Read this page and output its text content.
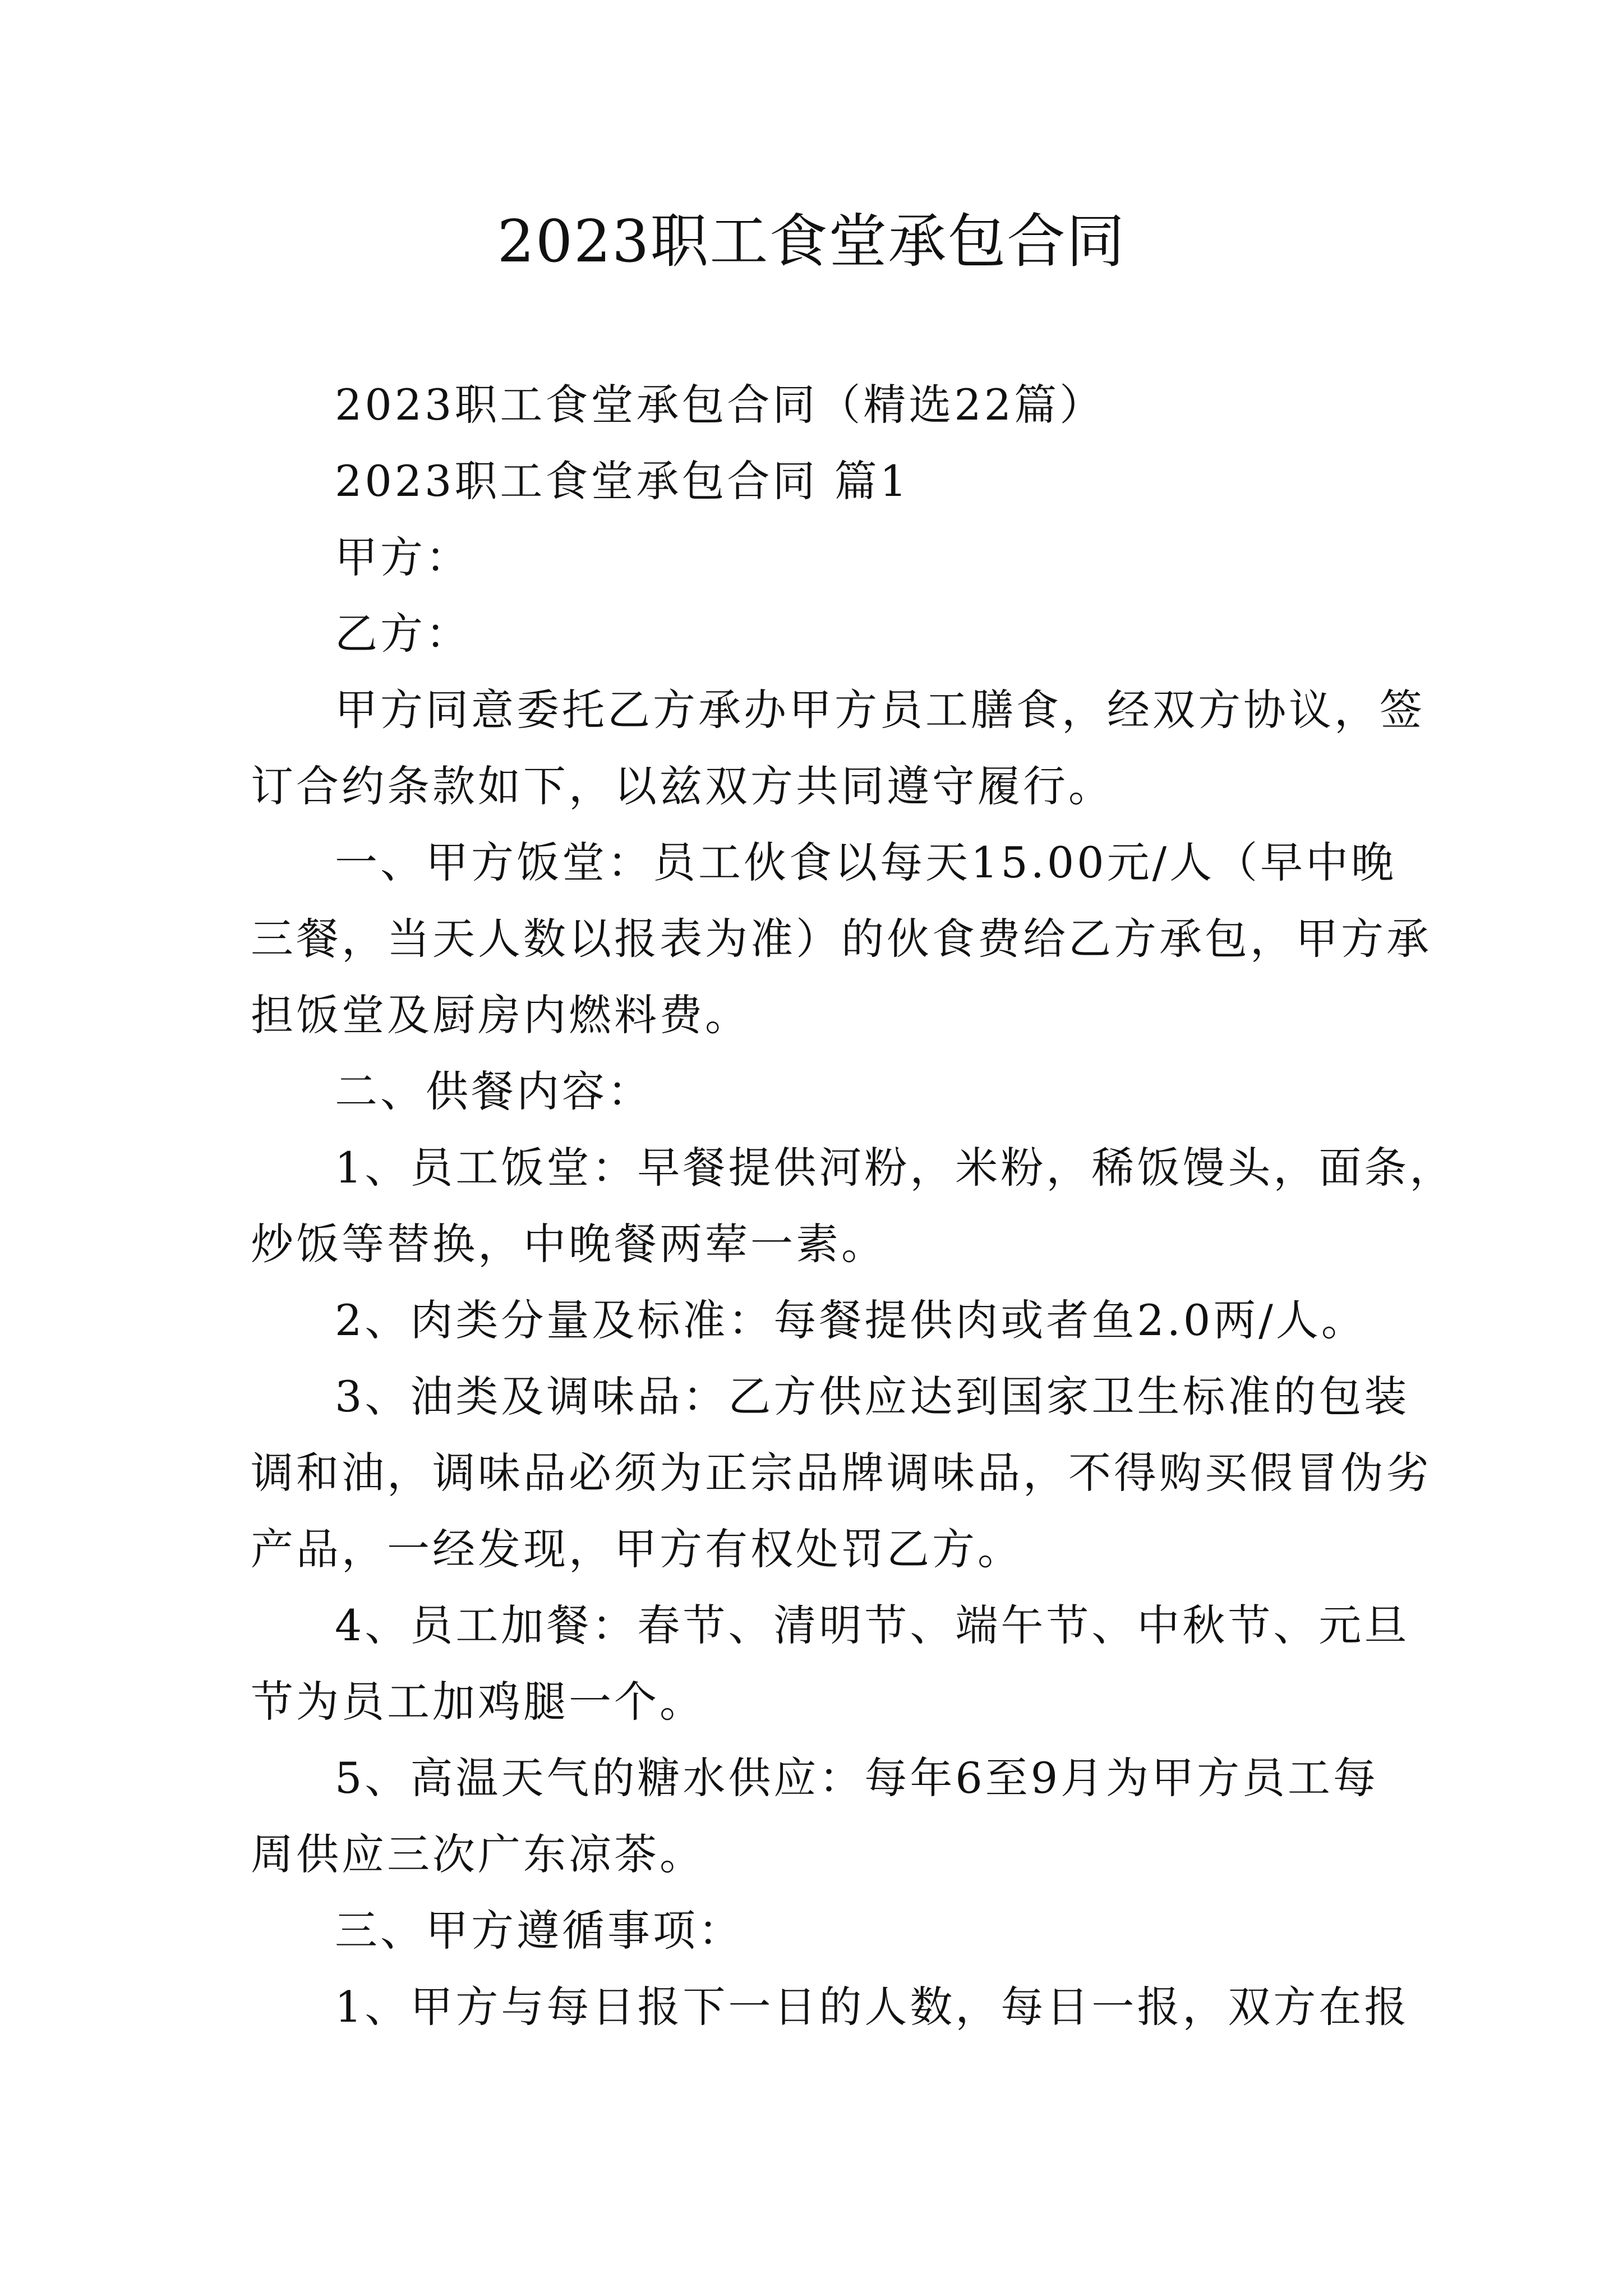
2023职工食堂承包合同
2023职工食堂承包合同（精选22篇）
2023职工食堂承包合同 篇1
甲方：
乙方：
甲方同意委托乙方承办甲方员工膳食，经双方协议，签
订合约条款如下，以兹双方共同遵守履行。
一、甲方饭堂：员工伙食以每天15.00元/人（早中晚
三餐，当天人数以报表为准）的伙食费给乙方承包，甲方承
担饭堂及厨房内燃料费。
二、供餐内容：
1、员工饭堂：早餐提供河粉，米粉，稀饭馒头，面条，
炒饭等替换，中晚餐两荤一素。
2、肉类分量及标准：每餐提供肉或者鱼2.0两/人。
3、油类及调味品：乙方供应达到国家卫生标准的包装
调和油，调味品必须为正宗品牌调味品，不得购买假冒伪劣
产品，一经发现，甲方有权处罚乙方。
4、员工加餐：春节、清明节、端午节、中秋节、元旦
节为员工加鸡腿一个。
5、高温天气的糖水供应：每年6至9月为甲方员工每
周供应三次广东凉茶。
三、甲方遵循事项：
1、甲方与每日报下一日的人数，每日一报，双方在报
